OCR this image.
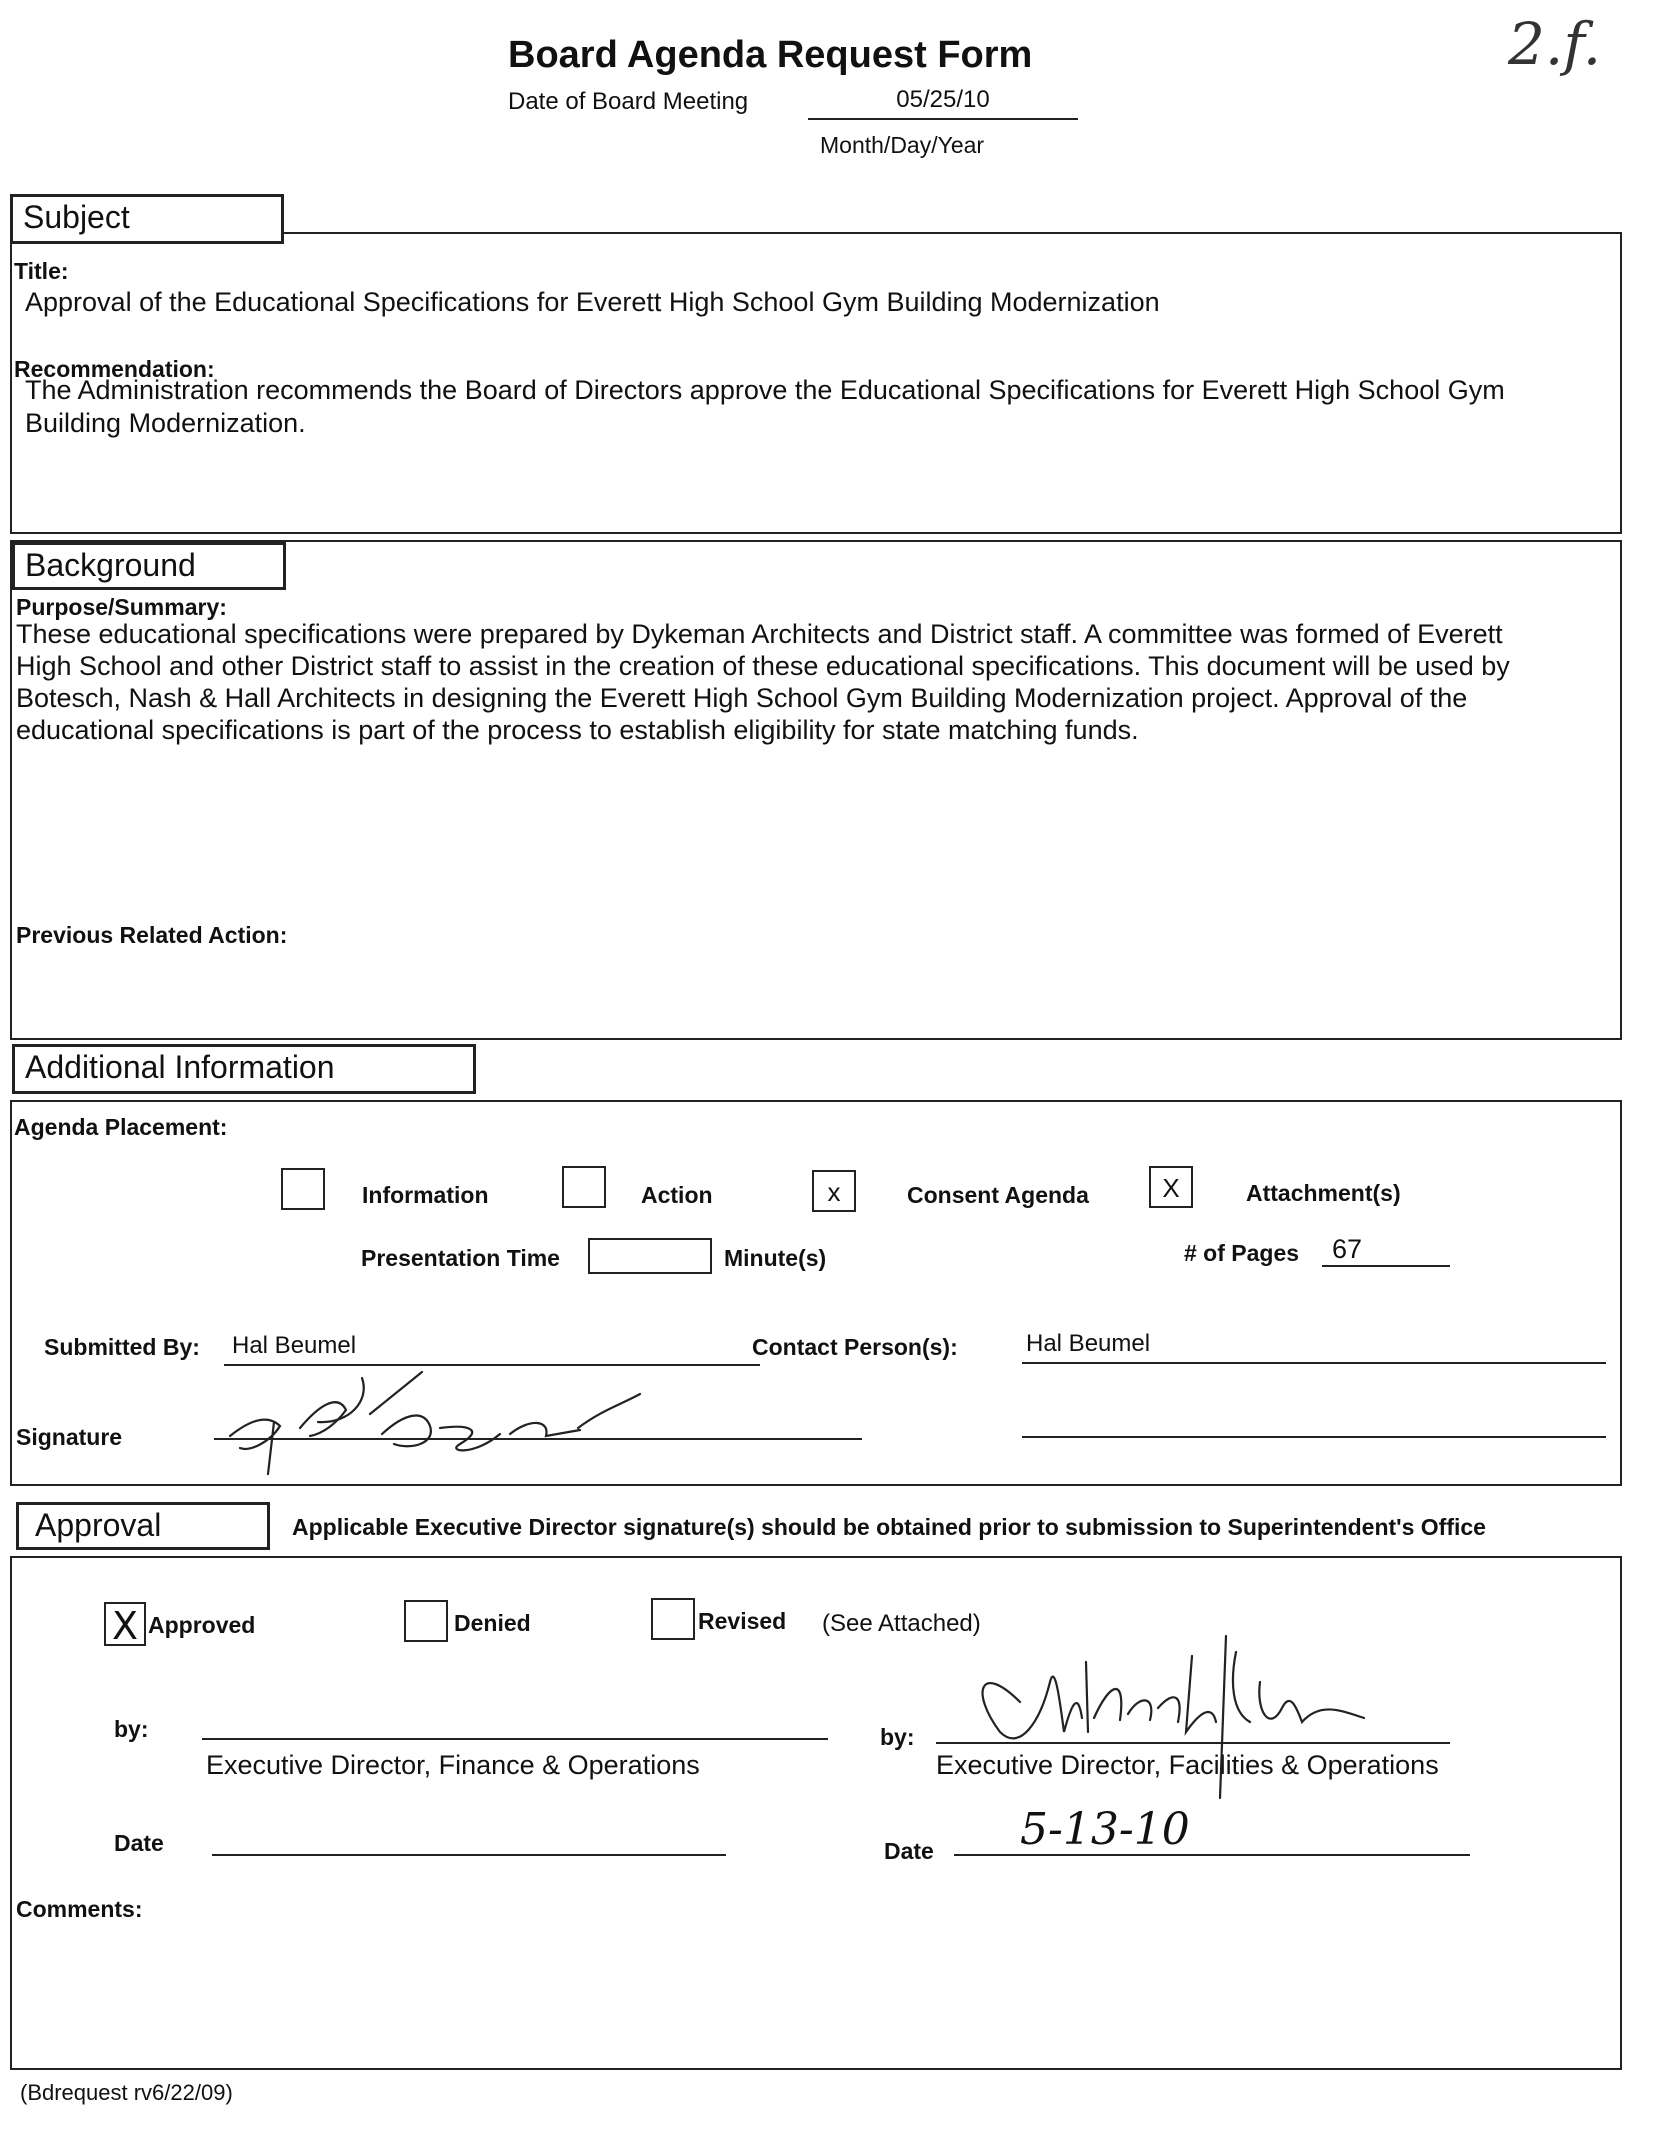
Board Agenda Request Form
Date of Board Meeting	05/25/10
Month/Day/Year
2.f.
Subject
Title:
Approval of the Educational Specifications for Everett High School Gym Building Modernization
Recommendation:
The Administration recommends the Board of Directors approve the Educational Specifications for Everett High School Gym
Building Modernization.
Background
Purpose/Summary:
These educational specifications were prepared by Dykeman Architects and District staff. A committee was formed of Everett
High School and other District staff to assist in the creation of these educational specifications. This document will be used by
Botesch, Nash & Hall Architects in designing the Everett High School Gym Building Modernization project. Approval of the
educational specifications is part of the process to establish eligibility for state matching funds.
Previous Related Action:
Additional Information
Agenda Placement:
Information	Action	x	Consent Agenda	X	Attachment(s)
Presentation Time	Minute(s)	# of Pages	67
Submitted By:	Hal Beumel	Contact Person(s):	Hal Beumel
Signature
Approval	Applicable Executive Director signature(s) should be obtained prior to submission to Superintendent's Office
X Approved	Denied	Revised (See Attached)
by:
Executive Director, Finance & Operations
by:
Executive Director, Facilities & Operations
Date	Date	5-13-10
Comments:
(Bdrequest rv6/22/09)
